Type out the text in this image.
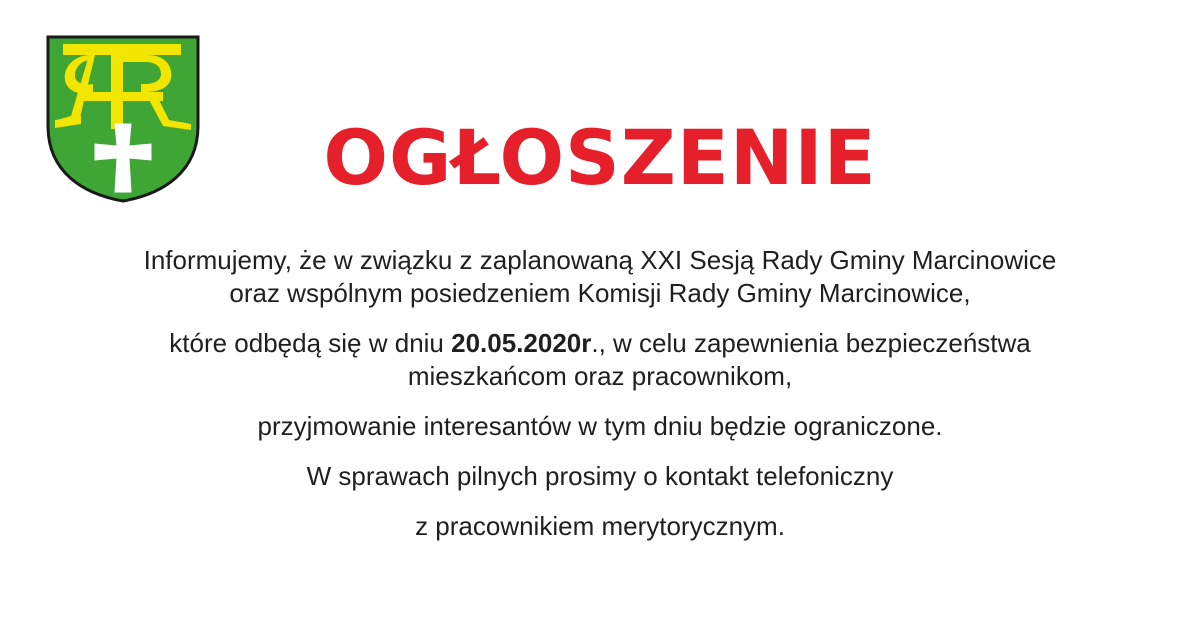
OGŁOSZENIE

Informujemy, że w związku z zaplanowaną XXI Sesją Rady Gminy Marcinowice
oraz wspólnym posiedzeniem Komisji Rady Gminy Marcinowice,

które odbędą się w dniu 20.05.2020r., w celu zapewnienia bezpieczeństwa
mieszkańcom oraz pracownikom,

przyjmowanie interesantów w tym dniu będzie ograniczone.

W sprawach pilnych prosimy o kontakt telefoniczny

z pracownikiem merytorycznym.
